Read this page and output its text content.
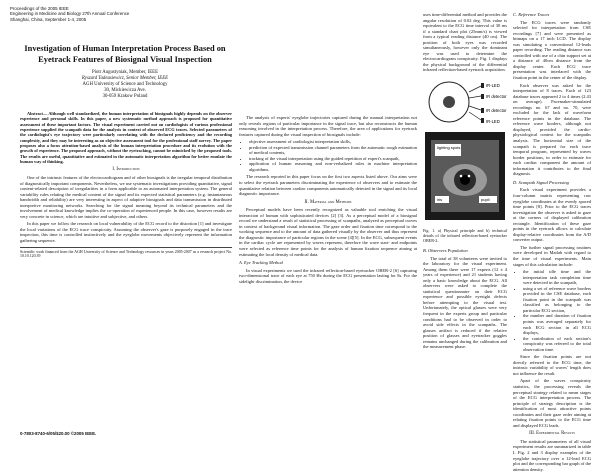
Proceedings of the 2005 IEEE
Engineering in Medicine and Biology 27th Annual Conference
Shanghai, China, September 1-4, 2005
Investigation of Human Interpretation Process Based on Eyetrack Features of Biosignal Visual Inspection
Piotr Augustyniak, Member, IEEE
Ryszard Tadeusiewicz, Senior Member, IEEE
AGH University of Science and Technology
30, Mickiewicza Ave.
30-059 Krakow Poland

Abstract— Although well standardized, the human interpretation of biosignals highly depends on the observer experience and personal skills. In this paper, a new systematic method approach is proposed for quantitative assessment of these important factors. The visual experiment carried out on cardiologists of various professional experience supplied the scanpath data for the analysis in context of observed ECG traces. Selected parameters of the cardiologist's eye trajectory were particularly correlating with the declared proficiency and the recording complexity, and they may be interesting as an objective assessment tool for the professional staff survey. The paper proposes also a focus attention-based analysis of the human interpretation procedure and its evolution with the growth of experience. The proposed approach, without the eyetracking, cannot be mimicked by the proposed tools. The results are useful, quantitative and estimated in the automatic interpretation algorithm for better emulate the human way of thinking.

I. Introduction

One of the intrinsic features of the electrocardiogram and of other biosignals is the irregular temporal distribution of diagnostically important components. Nevertheless, we use systematic investigations providing quantitative, signal content-related description of irregularities in a form applicable to an automated interpretation system. The general variability rules relating the medical content of the signal and its expected statistical parameters (e.g. instantaneous bandwidth and reliability) are very interesting in aspect of adaptive biosignals and data transmission in distributed interpretive monitoring networks. Searching for the signal meaning beyond its technical parameters and the involvement of medical knowledge implies the co-operation of experienced people. In this case, however results are very concrete in science, which are intuitive and subjective, and others.

In this paper we follow the research on local vulnerability of the ECG record to the distortion [1] and investigate the local variations of the ECG trace conspicuity. Assuming the observer's gaze is purposely engaged in the trace inspection, this time is controlled instinctively and the eyeglobe movements objectively represent the information gathering sequence.

Scientific work financed from the AGH University of Science and Technology resources in years 2005-2007 as a research project No. 10.10.120.39
0-7803-8740-6/05/$20.00 ©2005 IEEE.

The analysis of experts' eyeglobe trajectories captured during the manual interpretation not only reveals regions of particular importance in the signal trace, but also reconstructs the human reasoning involved in the interpretation process. Therefore, the area of applications for eyetrack features captured during the visual inspection of biosignals include:

• objective assessment of cardiologist interpretation skills,
• prediction of expected transmission channel parameters from the automatic rough estimation of medical contents,
• tracking of the visual interpretation using the guided repetition of expert's scanpath,
• application of human reasoning and non-verbalized rules in machine interpretation algorithms.

The research reported in this paper focus on the first two aspects listed above. Our aims were to select the eyetrack parameters discriminating the experience of observers and to estimate the quantitative relation between cardiac components automatically detected in the signal and its local diagnostic importance.

II. Material and Methods

Perceptual models have been recently recognized as valuable tool enriching the visual interaction of human with sophisticated devices [2] [3]. As a perceptual model of a biosignal record we understand a result of statistical processing of scanpaths, analyzed as perceptual curves in context of background visual information. The gaze order and fixation time correspond to the working sequence and to the amount of data gathered visually by the observer and thus represent the diagnostic importance of particular regions in the scene [4][5]. In the ECG, subsequent events in the cardiac cycle are represented by waves represent, therefore the wave start- and endpoints were selected as reference time points for the analysis of human fixation sequence aiming at estimating the local density of medical data.

A. Eye Tracking Method

In visual experiments we used the infrared reflection-based eyetracker OBER-2 [6] capturing two-dimensional trace of each eye at 750 Hz during the ECG presentation lasting for 8s. For the sidelight discrimination, the device

uses time-differential method and provides the angular resolution of 0.02 deg. This value is equivalent to the ECG time interval of 30 ms if a standard chart plot (25mm/s) is viewed from a typical reading distance (40 cm). The position of both eyes was recorded simultaneously, however only the dominant eye was used to determine the electrocardiogram conspicuity. Fig. 1 displays the physical background of the differential infrared reflection-based eyetrack acquisition.

IR-LED
IR detector
IR detector
IR-LED
lighting spots
iris	pupil
Fig. 1. a) Physical principle and b) technical details of the infrared reflection-based eyetracker OBER-2.
B. Observers Population

The total of 38 volunteers were invited to the laboratory for the visual experiment. Among them there were 17 experts (12 ± 4 years of experience) and 21 students having only a basic knowledge about the ECG. All observers were asked to complete the statistical questionnaire on their ECG experience and possible eyesight defects before attempting to the visual test. Unfortunately, the optical glasses were very frequent in the experts group and particular conditions had to be observed in order to avoid side effects in the scanpaths. The glasses artifact is reduced if the relative position of glasses and eyetracker goggles remains unchanged during the calibration and the measurement phase.

C. Reference Traces

The ECG traces were randomly selected for interpretation from CSE recordings [7] and were presented as bitmaps on a 17 inch LCD. The display was simulating a conventional 12-leads paper recording. The reading distance was controlled with use of a chin support set at a distance of 40cm distance from the display center. Each ECG trace presentation was interlaced with the fixation point in the center of the display.

Each observer was asked for the interpretation of 8 traces. Each of 123 database traces appeared 2 to 4 times (2.43 on average). Pacemaker-stimulated recordings no. 67 and no. 70, were excluded for the lack of waveform reference points in the database. The reference wave borders, although not displayed, provided the cardio-physiological context for the scanpaths analysis. The horizontal size of the scanpath is prepared for each trace temporal program, represented by waves border positions, in order to estimate for each cardiac component the amount of information it contributes to the final diagnosis.

D. Scanpath Signal Processing

Each visual experiment provides a four-column matrix representing raw eyeglobe coordinates at the evenly spaced time points [8]. Prior to the ECG traces investigation the observer is asked to gaze at the corners of displayed calibration rectangle. Identification of these gaze points in the eyetrack allows to calculate display-relative coordinates from the A/D converter output.

The further signal processing routines were developed in Matlab with regard to the time of visual experiments. Main stages of this calculation include:

• the initial idle time and the interpretation task completion time were detected in the scanpath,
• using a set of reference wave borders provided in the CSE database, each fixation point in the scanpath was classified as belonging to the particular ECG section,
• the number and duration of fixation points was averaged separately for each ECG section in all ECG displays,
• the contribution of each section's conspicuity was referred to the total observation time.

Since the fixation points are not directly referred to the ECG time, the intrinsic variability of waves' length does not influence the result.

Apart of the waves conspicuity statistics, the processing reveals the perceptual strategy related to mean stages of the ECG interpretation process. The principle of strategy description is the identification of most attractive points coordinates and their gaze order aiming at relating fixation points to the ECG time and displayed ECG leads.

III. Experimental Results

The statistical parameters of all visual experiment results are summarized in table I. Fig. 2 and 3 display examples of the eyeglobe trajectory over a 12-lead ECG plot and the corresponding bar graph of the attention density.
